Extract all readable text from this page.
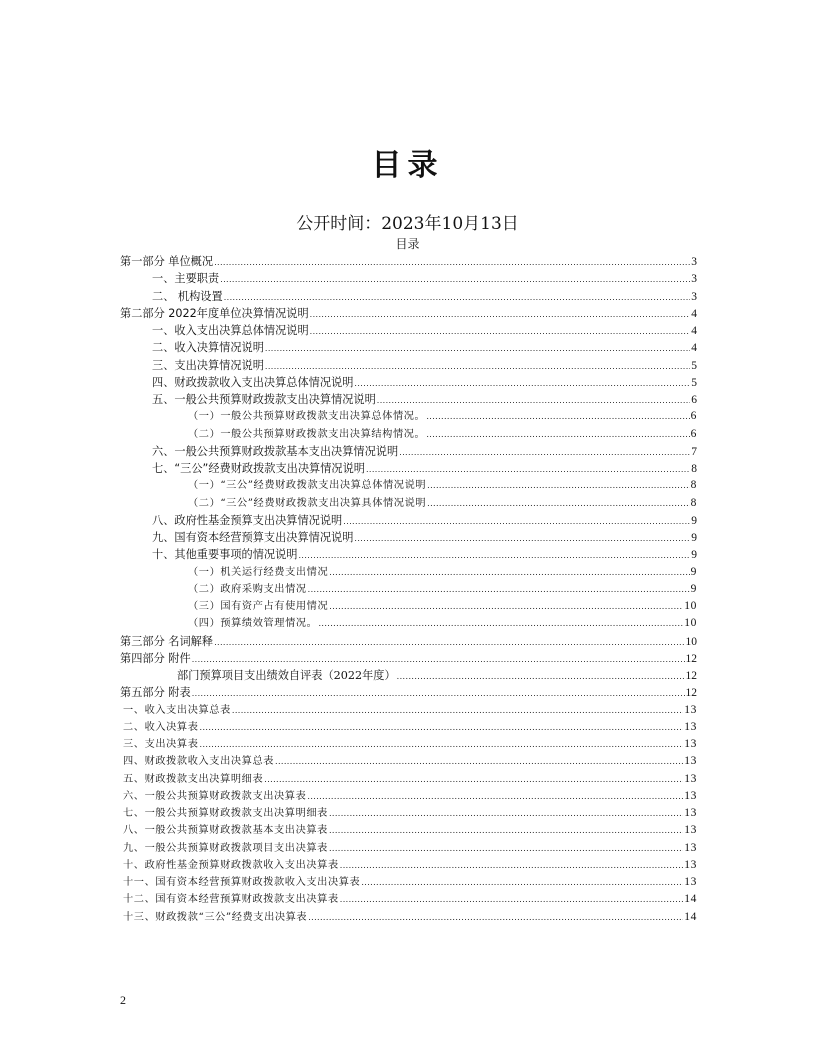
目录
公开时间：2023年10月13日
目录
第一部分 单位概况 .....	3
一、主要职责 .....	3
二、 机构设置 .....	3
第二部分 2022年度单位决算情况说明 .....	4
一、收入支出决算总体情况说明 .....	4
二、收入决算情况说明 .....	4
三、支出决算情况说明 .....	5
四、财政拨款收入支出决算总体情况说明 .....	5
五、一般公共预算财政拨款支出决算情况说明 .....	6
（一）一般公共预算财政拨款支出决算总体情况。 .....	6
（二）一般公共预算财政拨款支出决算结构情况。 .....	6
六、一般公共预算财政拨款基本支出决算情况说明 .....	7
七、“三公”经费财政拨款支出决算情况说明 .....	8
（一）“三公”经费财政拨款支出决算总体情况说明 .....	8
（二）“三公”经费财政拨款支出决算具体情况说明 .....	8
八、政府性基金预算支出决算情况说明 .....	9
九、国有资本经营预算支出决算情况说明 .....	9
十、其他重要事项的情况说明 .....	9
（一）机关运行经费支出情况 .....	9
（二）政府采购支出情况 .....	9
（三）国有资产占有使用情况 .....	10
（四）预算绩效管理情况。 .....	10
第三部分 名词解释 .....	10
第四部分 附件 .....	12
部门预算项目支出绩效自评表（2022年度） .....	12
第五部分 附表 .....	12
一、收入支出决算总表 .....	13
二、收入决算表 .....	13
三、支出决算表 .....	13
四、财政拨款收入支出决算总表 .....	13
五、财政拨款支出决算明细表 .....	13
六、一般公共预算财政拨款支出决算表 .....	13
七、一般公共预算财政拨款支出决算明细表 .....	13
八、一般公共预算财政拨款基本支出决算表 .....	13
九、一般公共预算财政拨款项目支出决算表 .....	13
十、政府性基金预算财政拨款收入支出决算表 .....	13
十一、国有资本经营预算财政拨款收入支出决算表 .....	13
十二、国有资本经营预算财政拨款支出决算表 .....	14
十三、财政拨款“三公”经费支出决算表 .....	14
2
